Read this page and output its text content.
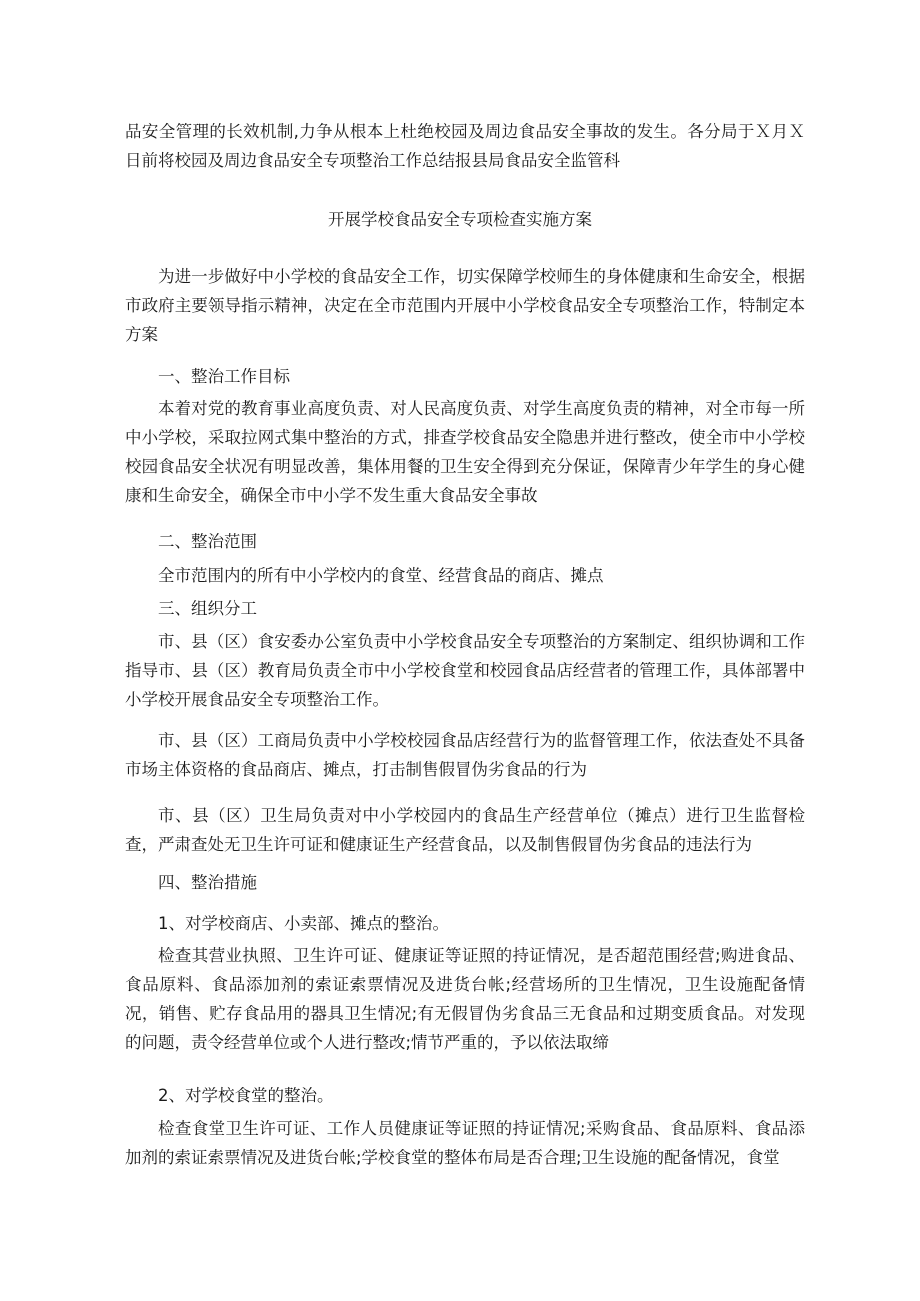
品安全管理的长效机制,力争从根本上杜绝校园及周边食品安全事故的发生。各分局于Ｘ月Ｘ日前将校园及周边食品安全专项整治工作总结报县局食品安全监管科

开展学校食品安全专项检查实施方案

为进一步做好中小学校的食品安全工作，切实保障学校师生的身体健康和生命安全，根据市政府主要领导指示精神，决定在全市范围内开展中小学校食品安全专项整治工作，特制定本方案

一、整治工作目标

本着对党的教育事业高度负责、对人民高度负责、对学生高度负责的精神，对全市每一所中小学校，采取拉网式集中整治的方式，排查学校食品安全隐患并进行整改，使全市中小学校校园食品安全状况有明显改善，集体用餐的卫生安全得到充分保证，保障青少年学生的身心健康和生命安全，确保全市中小学不发生重大食品安全事故

二、整治范围

全市范围内的所有中小学校内的食堂、经营食品的商店、摊点

三、组织分工

市、县（区）食安委办公室负责中小学校食品安全专项整治的方案制定、组织协调和工作指导市、县（区）教育局负责全市中小学校食堂和校园食品店经营者的管理工作，具体部署中小学校开展食品安全专项整治工作。

市、县（区）工商局负责中小学校校园食品店经营行为的监督管理工作，依法查处不具备市场主体资格的食品商店、摊点，打击制售假冒伪劣食品的行为

市、县（区）卫生局负责对中小学校园内的食品生产经营单位（摊点）进行卫生监督检查，严肃查处无卫生许可证和健康证生产经营食品，以及制售假冒伪劣食品的违法行为

四、整治措施

1、对学校商店、小卖部、摊点的整治。

检查其营业执照、卫生许可证、健康证等证照的持证情况，是否超范围经营;购进食品、食品原料、食品添加剂的索证索票情况及进货台帐;经营场所的卫生情况，卫生设施配备情况，销售、贮存食品用的器具卫生情况;有无假冒伪劣食品三无食品和过期变质食品。对发现的问题，责令经营单位或个人进行整改;情节严重的，予以依法取缔

2、对学校食堂的整治。

检查食堂卫生许可证、工作人员健康证等证照的持证情况;采购食品、食品原料、食品添加剂的索证索票情况及进货台帐;学校食堂的整体布局是否合理;卫生设施的配备情况，食堂
